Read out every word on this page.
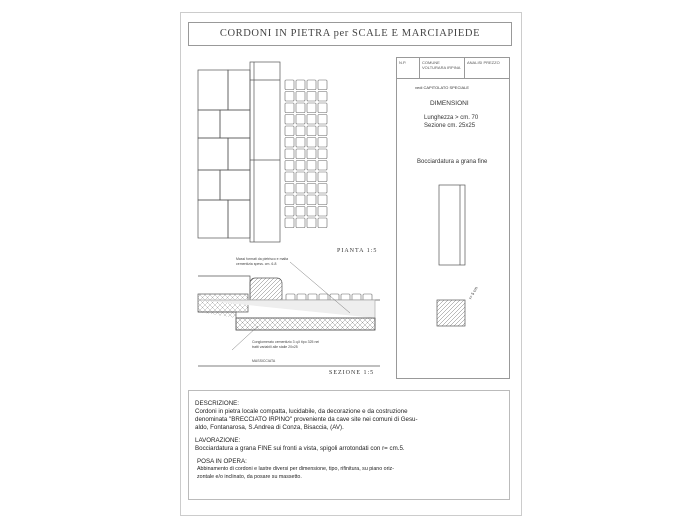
CORDONI IN PIETRA per SCALE E MARCIAPIEDE
PIANTA 1:5
SEZIONE 1:5
Massi formati da pietrisco e malta cementizia spess. cm. 6-8
Conglomerato cementizio 3 q.li tipo 325 nei tratti variabili alle stalle 20x25
MASSICCIATA
N.P.	COMUNE VOLTURARA IRPINA
ANALISI PREZZO
vedi CAPITOLATO SPECIALE
DIMENSIONI
Lunghezza > cm. 70
Sezione cm. 25x25
Bocciardatura a grana fine
r= 5 cm.
DESCRIZIONE:
Cordoni in pietra locale compatta, lucidabile, da decorazione e da costruzione
denominata "BRECCIATO IRPINO" proveniente da cave site nei comuni di Gesu-
aldo, Fontanarosa, S.Andrea di Conza, Bisaccia, (AV).
LAVORAZIONE:
Bocciardatura a grana FINE sui fronti a vista, spigoli arrotondati con r= cm.5.
POSA IN OPERA:
Abbinamento di cordoni e lastre diversi per dimensione, tipo, rifinitura, su piano oriz-
zontale e/o inclinato, da posare su massetto.
